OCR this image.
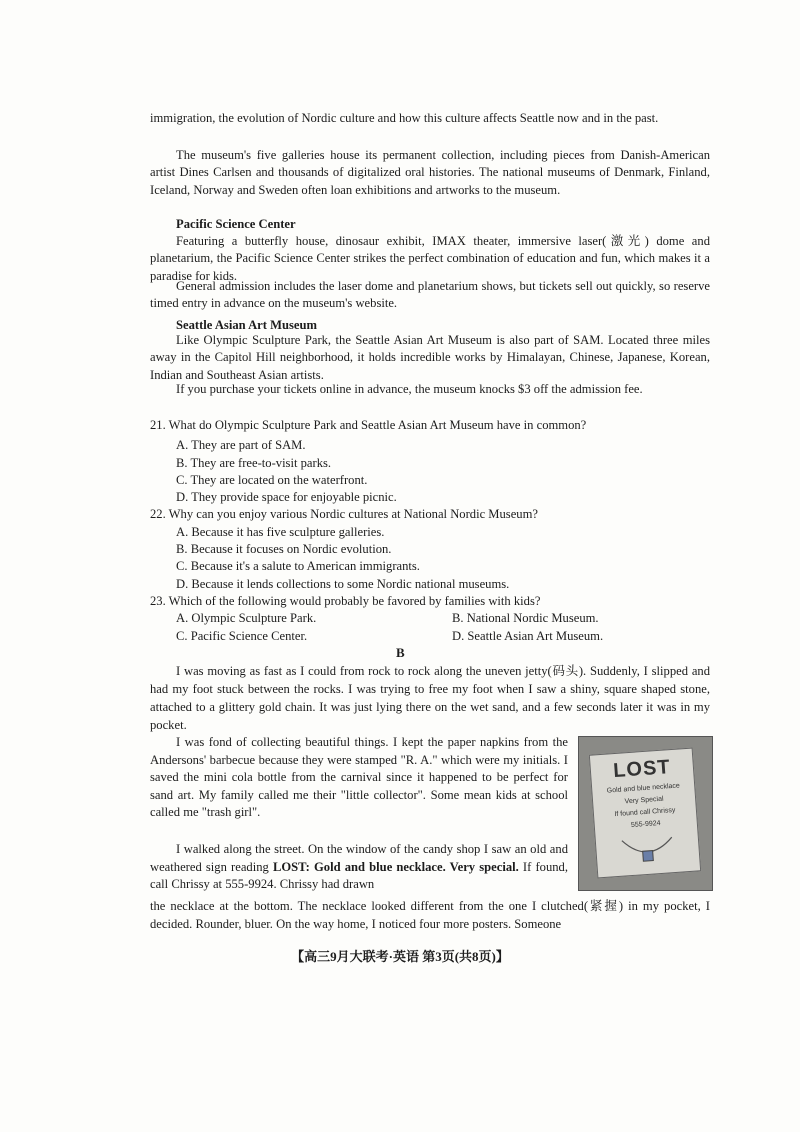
immigration, the evolution of Nordic culture and how this culture affects Seattle now and in the past.
The museum's five galleries house its permanent collection, including pieces from Danish-American artist Dines Carlsen and thousands of digitalized oral histories. The national museums of Denmark, Finland, Iceland, Norway and Sweden often loan exhibitions and artworks to the museum.
Pacific Science Center
Featuring a butterfly house, dinosaur exhibit, IMAX theater, immersive laser(激光) dome and planetarium, the Pacific Science Center strikes the perfect combination of education and fun, which makes it a paradise for kids.
General admission includes the laser dome and planetarium shows, but tickets sell out quickly, so reserve timed entry in advance on the museum's website.
Seattle Asian Art Museum
Like Olympic Sculpture Park, the Seattle Asian Art Museum is also part of SAM. Located three miles away in the Capitol Hill neighborhood, it holds incredible works by Himalayan, Chinese, Japanese, Korean, Indian and Southeast Asian artists.
If you purchase your tickets online in advance, the museum knocks $3 off the admission fee.
21. What do Olympic Sculpture Park and Seattle Asian Art Museum have in common?
A. They are part of SAM.
B. They are free-to-visit parks.
C. They are located on the waterfront.
D. They provide space for enjoyable picnic.
22. Why can you enjoy various Nordic cultures at National Nordic Museum?
A. Because it has five sculpture galleries.
B. Because it focuses on Nordic evolution.
C. Because it's a salute to American immigrants.
D. Because it lends collections to some Nordic national museums.
23. Which of the following would probably be favored by families with kids?
A. Olympic Sculpture Park.	B. National Nordic Museum.
C. Pacific Science Center.	D. Seattle Asian Art Museum.
B
I was moving as fast as I could from rock to rock along the uneven jetty(码头). Suddenly, I slipped and had my foot stuck between the rocks. I was trying to free my foot when I saw a shiny, square shaped stone, attached to a glittery gold chain. It was just lying there on the wet sand, and a few seconds later it was in my pocket.
I was fond of collecting beautiful things. I kept the paper napkins from the Andersons' barbecue because they were stamped "R. A." which were my initials. I saved the mini cola bottle from the carnival since it happened to be perfect for sand art. My family called me their "little collector". Some mean kids at school called me "trash girl".
I walked along the street. On the window of the candy shop I saw an old and weathered sign reading LOST: Gold and blue necklace. Very special. If found, call Chrissy at 555-9924. Chrissy had drawn
the necklace at the bottom. The necklace looked different from the one I clutched(紧握) in my pocket, I decided. Rounder, bluer. On the way home, I noticed four more posters. Someone
LOST
Gold and blue necklace
Very Special
If found call Chrissy
555-9924
【高三9月大联考·英语 第3页(共8页)】
